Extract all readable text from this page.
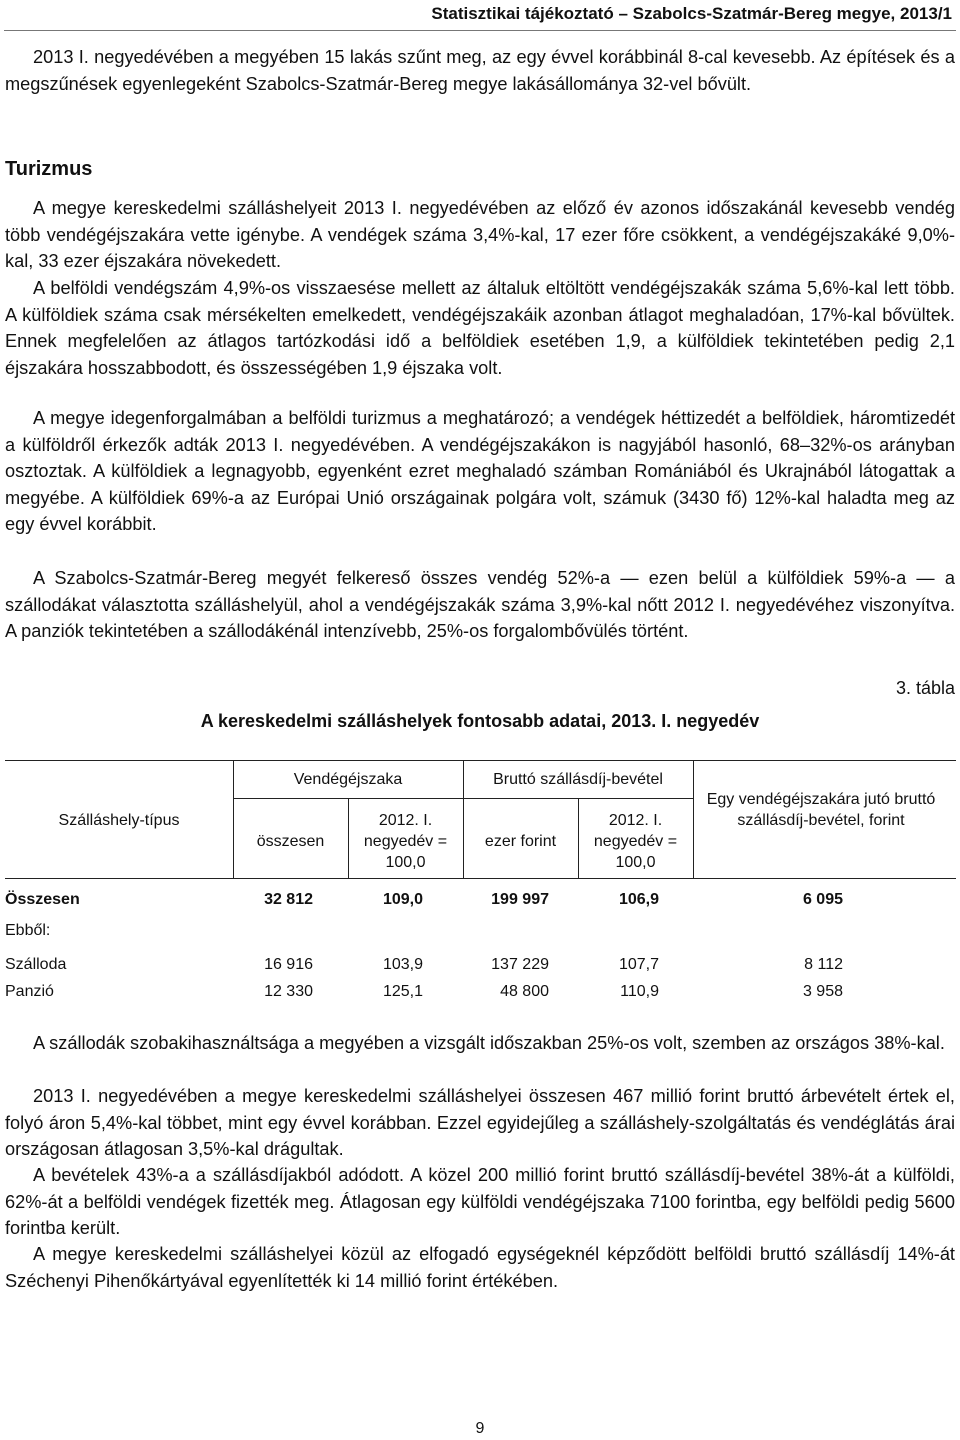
Statisztikai tájékoztató – Szabolcs-Szatmár-Bereg megye, 2013/1
2013 I. negyedévében a megyében 15 lakás szűnt meg, az egy évvel korábbinál 8-cal kevesebb. Az építések és a megszűnések egyenlegeként Szabolcs-Szatmár-Bereg megye lakásállománya 32-vel bővült.
Turizmus
A megye kereskedelmi szálláshelyeit 2013 I. negyedévében az előző év azonos időszakánál kevesebb vendég több vendégéjszakára vette igénybe. A vendégek száma 3,4%-kal, 17 ezer főre csökkent, a vendégéjszakáké 9,0%-kal, 33 ezer éjszakára növekedett.
A belföldi vendégszám 4,9%-os visszaesése mellett az általuk eltöltött vendégéjszakák száma 5,6%-kal lett több. A külföldiek száma csak mérsékelten emelkedett, vendégéjszakáik azonban átlagot meghaladóan, 17%-kal bővültek. Ennek megfelelően az átlagos tartózkodási idő a belföldiek esetében 1,9, a külföldiek tekintetében pedig 2,1 éjszakára hosszabbodott, és összességében 1,9 éjszaka volt.
A megye idegenforgalmában a belföldi turizmus a meghatározó; a vendégek héttizedét a belföldiek, háromtizedét a külföldről érkezők adták 2013 I. negyedévében. A vendégéjszakákon is nagyjából hasonló, 68–32%-os arányban osztoztak. A külföldiek a legnagyobb, egyenként ezret meghaladó számban Romániából és Ukrajnából látogattak a megyébe. A külföldiek 69%-a az Európai Unió országainak polgára volt, számuk (3430 fő) 12%-kal haladta meg az egy évvel korábbit.
A Szabolcs-Szatmár-Bereg megyét felkereső összes vendég 52%-a — ezen belül a külföldiek 59%-a — a szállodákat választotta szálláshelyül, ahol a vendégéjszakák száma 3,9%-kal nőtt 2012 I. negyedévéhez viszonyítva. A panziók tekintetében a szállodákénál intenzívebb, 25%-os forgalombővülés történt.
3. tábla
A kereskedelmi szálláshelyek fontosabb adatai, 2013. I. negyedév
Szálláshely-típus
Vendégéjszaka	Bruttó szállásdíj-bevétel
összesen
2012. I. negyedév = 100,0
ezer forint
2012. I. negyedév = 100,0
Egy vendégéjszakára jutó bruttó szállásdíj-bevétel, forint
Összesen	32 812	109,0	199 997	106,9	6 095
Ebből:
Szálloda	16 916	103,9	137 229	107,7	8 112
Panzió	12 330	125,1	48 800	110,9	3 958
A szállodák szobakihasználtsága a megyében a vizsgált időszakban 25%-os volt, szemben az országos 38%-kal.
2013 I. negyedévében a megye kereskedelmi szálláshelyei összesen 467 millió forint bruttó árbevételt értek el, folyó áron 5,4%-kal többet, mint egy évvel korábban. Ezzel egyidejűleg a szálláshely-szolgáltatás és vendéglátás árai országosan átlagosan 3,5%-kal drágultak.
A bevételek 43%-a a szállásdíjakból adódott. A közel 200 millió forint bruttó szállásdíj-bevétel 38%-át a külföldi, 62%-át a belföldi vendégek fizették meg. Átlagosan egy külföldi vendégéjszaka 7100 forintba, egy belföldi pedig 5600 forintba került.
A megye kereskedelmi szálláshelyei közül az elfogadó egységeknél képződött belföldi bruttó szállásdíj 14%-át Széchenyi Pihenőkártyával egyenlítették ki 14 millió forint értékében.
9
